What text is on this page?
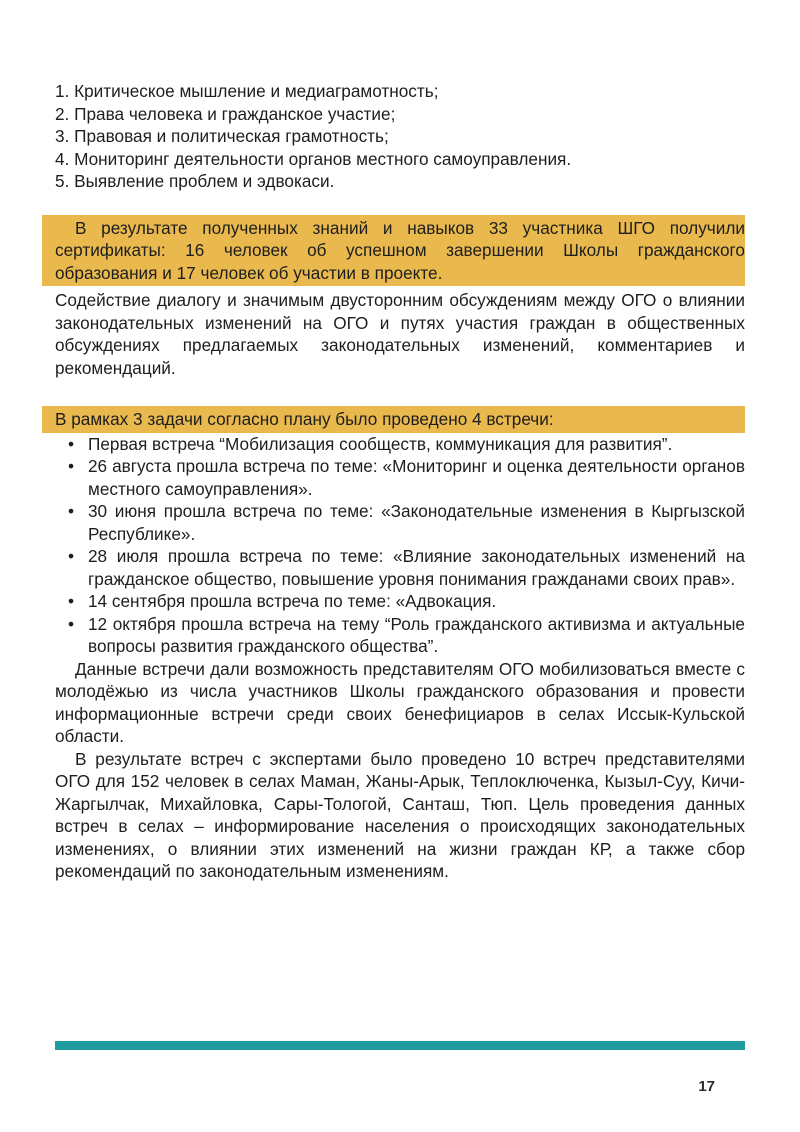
1. Критическое мышление и медиаграмотность;
2. Права человека и гражданское участие;
3. Правовая и политическая грамотность;
4. Мониторинг деятельности органов местного самоуправления.
5. Выявление проблем и эдвокаси.

В результате полученных знаний и навыков 33 участника ШГО получили сертификаты: 16 человек об успешном завершении Школы гражданского образования и 17 человек об участии в проекте.

Содействие диалогу и значимым двусторонним обсуждениям между ОГО о влиянии законодательных изменений на ОГО и путях участия граждан в общественных обсуждениях предлагаемых законодательных изменений, комментариев и рекомендаций.

В рамках 3 задачи согласно плану было проведено 4 встречи:

• Первая встреча “Мобилизация сообществ, коммуникация для развития”.
• 26 августа прошла встреча по теме: «Мониторинг и оценка деятельности органов местного самоуправления».
• 30 июня прошла встреча по теме: «Законодательные изменения в Кыргызской Республике».
• 28 июля прошла встреча по теме: «Влияние законодательных изменений на гражданское общество, повышение уровня понимания гражданами своих прав».
• 14 сентября прошла встреча по теме: «Адвокация.
• 12 октября прошла встреча на тему “Роль гражданского активизма и актуальные вопросы развития гражданского общества”.

Данные встречи дали возможность представителям ОГО мобилизоваться вместе с молодёжью из числа участников Школы гражданского образования и провести информационные встречи среди своих бенефициаров в селах Иссык-Кульской области.

В результате встреч с экспертами было проведено 10 встреч представителями ОГО для 152 человек в селах Маман, Жаны-Арык, Теплоключенка, Кызыл-Суу, Кичи-Жаргылчак, Михайловка, Сары-Тологой, Санташ, Тюп. Цель проведения данных встреч в селах – информирование населения о происходящих законодательных изменениях, о влиянии этих изменений на жизни граждан КР, а также сбор рекомендаций по законодательным изменениям.

17
